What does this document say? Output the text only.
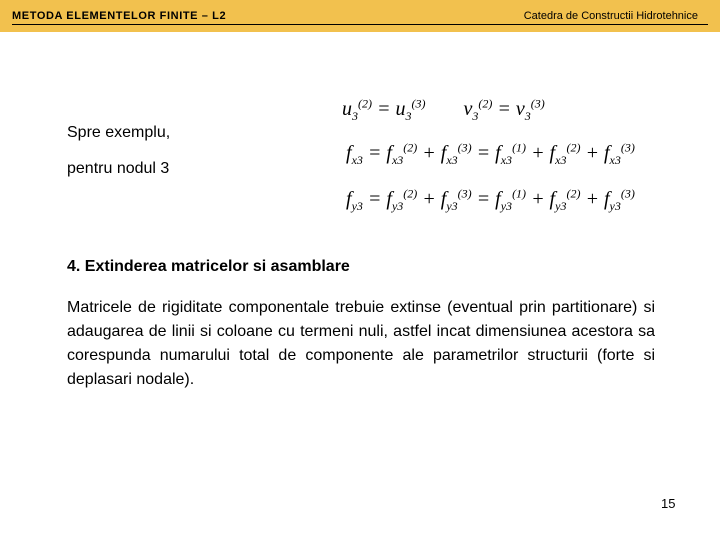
METODA ELEMENTELOR FINITE – L2	Catedra de Constructii Hidrotehnice
Spre exemplu,
pentru nodul 3
$u_3^{(2)} = u_3^{(3)}$ $v_3^{(2)} = v_3^{(3)}$
$f_{x3} = f_{x3}^{(2)} + f_{x3}^{(3)} = f_{x3}^{(1)} + f_{x3}^{(2)} + f_{x3}^{(3)}$
$f_{y3} = f_{y3}^{(2)} + f_{y3}^{(3)} = f_{y3}^{(1)} + f_{y3}^{(2)} + f_{y3}^{(3)}$
4. Extinderea matricelor si asamblare
Matricele de rigiditate componentale trebuie extinse (eventual prin partitionare) si adaugarea de linii si coloane cu termeni nuli, astfel incat dimensiunea acestora sa corespunda numarului total de componente ale parametrilor structurii (forte si deplasari nodale).
15
